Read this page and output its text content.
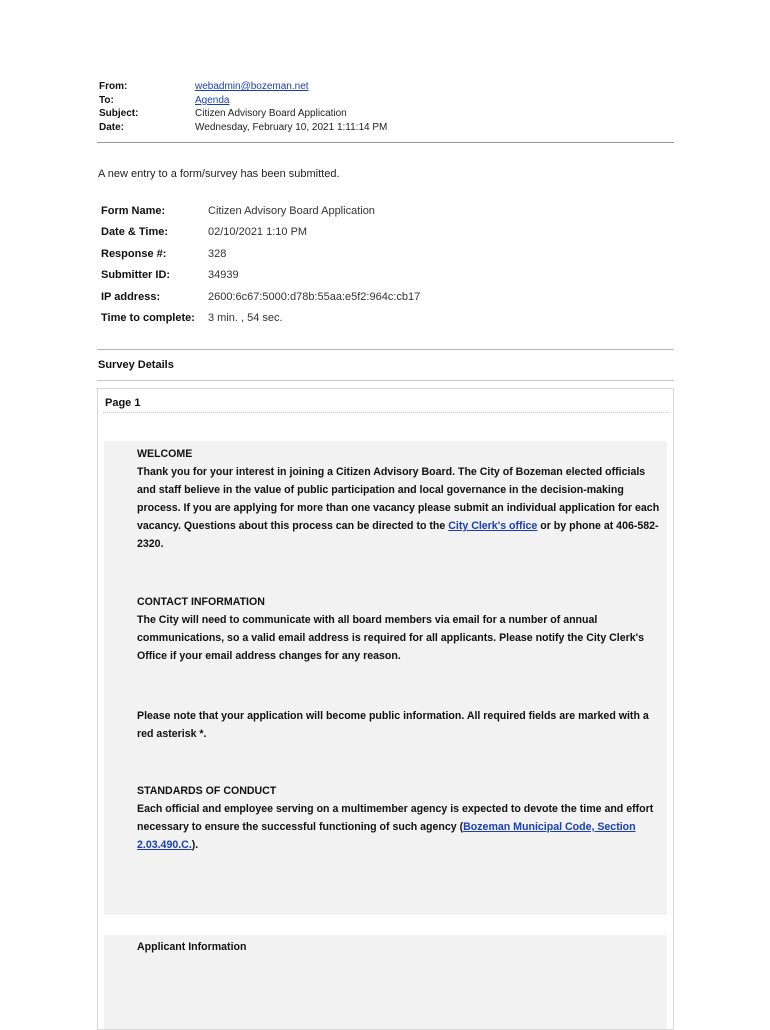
From:	webadmin@bozeman.net
To:	Agenda
Subject:	Citizen Advisory Board Application
Date:	Wednesday, February 10, 2021 1:11:14 PM
A new entry to a form/survey has been submitted.
Form Name:	Citizen Advisory Board Application
Date & Time:	02/10/2021 1:10 PM
Response #:	328
Submitter ID:	34939
IP address:	2600:6c67:5000:d78b:55aa:e5f2:964c:cb17
Time to complete:	3 min. , 54 sec.
Survey Details
Page 1
WELCOME
Thank you for your interest in joining a Citizen Advisory Board. The City of Bozeman elected officials and staff believe in the value of public participation and local governance in the decision-making process. If you are applying for more than one vacancy please submit an individual application for each vacancy. Questions about this process can be directed to the City Clerk's office or by phone at 406-582-2320.
CONTACT INFORMATION
The City will need to communicate with all board members via email for a number of annual communications, so a valid email address is required for all applicants. Please notify the City Clerk's Office if your email address changes for any reason.
Please note that your application will become public information. All required fields are marked with a red asterisk *.
STANDARDS OF CONDUCT
Each official and employee serving on a multimember agency is expected to devote the time and effort necessary to ensure the successful functioning of such agency (Bozeman Municipal Code, Section 2.03.490.C.).
Applicant Information
